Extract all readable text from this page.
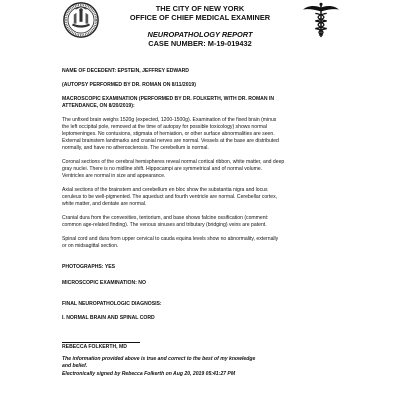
THE CITY OF NEW YORK
OFFICE OF CHIEF MEDICAL EXAMINER
NEUROPATHOLOGY REPORT
CASE NUMBER: M-19-019432
NAME OF DECEDENT: EPSTEIN, JEFFREY EDWARD
(AUTOPSY PERFORMED BY DR. ROMAN ON 8/11/2019)
MACROSCOPIC EXAMINATION (PERFORMED BY DR. FOLKERTH, WITH DR. ROMAN IN
ATTENDANCE, ON 8/20/2019):
The unfixed brain weighs 1520g (expected, 1200-1500g). Examination of the fixed brain (minus
the left occipital pole, removed at the time of autopsy for possible toxicology) shows normal
leptomeninges. No contusions, stigmata of herniation, or other surface abnormalities are seen.
External brainstem landmarks and cranial nerves are normal. Vessels at the base are distributed
normally, and have no atherosclerosis. The cerebellum is normal.
Coronal sections of the cerebral hemispheres reveal normal cortical ribbon, white matter, and deep
gray nuclei. There is no midline shift. Hippocampi are symmetrical and of normal volume.
Ventricles are normal in size and appearance.
Axial sections of the brainstem and cerebellum en bloc show the substantia nigra and locus
ceruleus to be well-pigmented. The aqueduct and fourth ventricle are normal. Cerebellar cortex,
white matter, and dentate are normal.
Cranial dura from the convexities, tentorium, and base shows falcine ossification (comment:
common age-related finding). The venous sinuses and tributary (bridging) veins are patent.
Spinal cord and dura from upper cervical to cauda equina levels show no abnormality, externally
or on midsagittal section.
PHOTOGRAPHS: YES
MICROSCOPIC EXAMINATION: NO
FINAL NEUROPATHOLOGIC DIAGNOSIS:
I. NORMAL BRAIN AND SPINAL CORD
REBECCA FOLKERTH, MD
The information provided above is true and correct to the best of my knowledge
and belief.
Electronically signed by Rebecca Folkerth on Aug 20, 2019 05:41:27 PM
